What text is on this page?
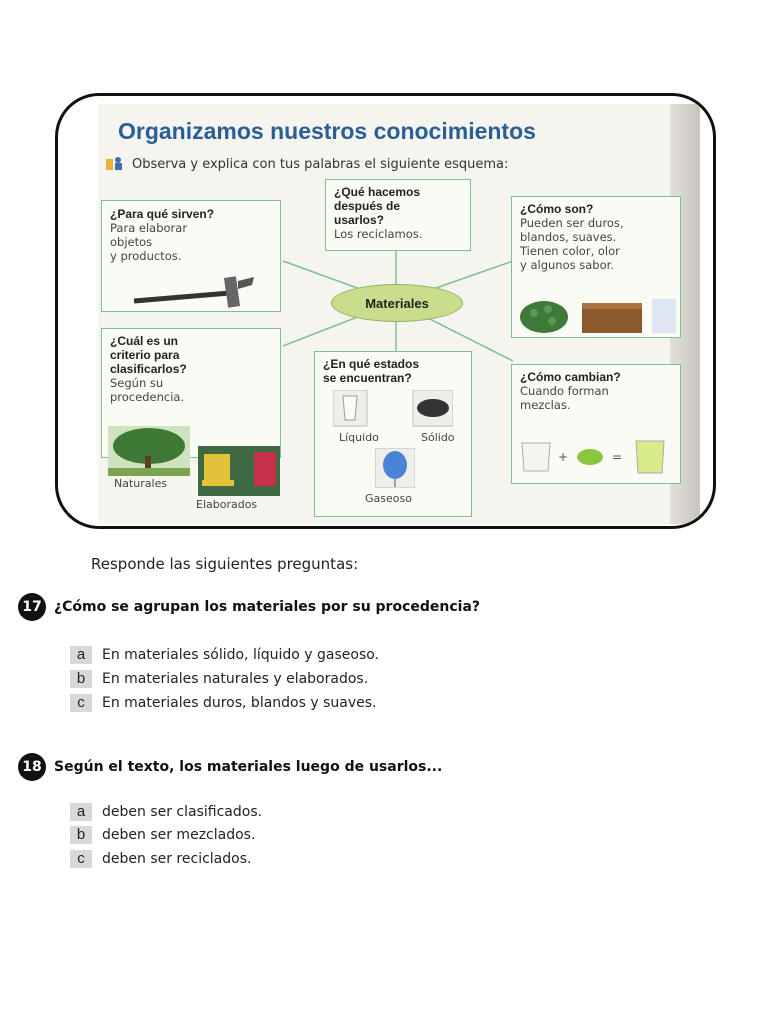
Organizamos nuestros conocimientos
Observa y explica con tus palabras el siguiente esquema:
¿Para qué sirven?
Para elaborar
objetos
y productos.
¿Qué hacemos
después de
usarlos?
Los reciclamos.
¿Cómo son?
Pueden ser duros,
blandos, suaves.
Tienen color, olor
y algunos sabor.
¿Cuál es un
criterio para
clasificarlos?
Según su
procedencia.
Naturales
Elaborados
¿En qué estados
se encuentran?
Líquido	Sólido
Gaseoso
¿Cómo cambian?
Cuando forman
mezclas.
+	=
Materiales
Responde las siguientes preguntas:
17 ¿Cómo se agrupan los materiales por su procedencia?
a	En materiales sólido, líquido y gaseoso.
b	En materiales naturales y elaborados.
c	En materiales duros, blandos y suaves.
18 Según el texto, los materiales luego de usarlos...
a	deben ser clasificados.
b	deben ser mezclados.
c	deben ser reciclados.
